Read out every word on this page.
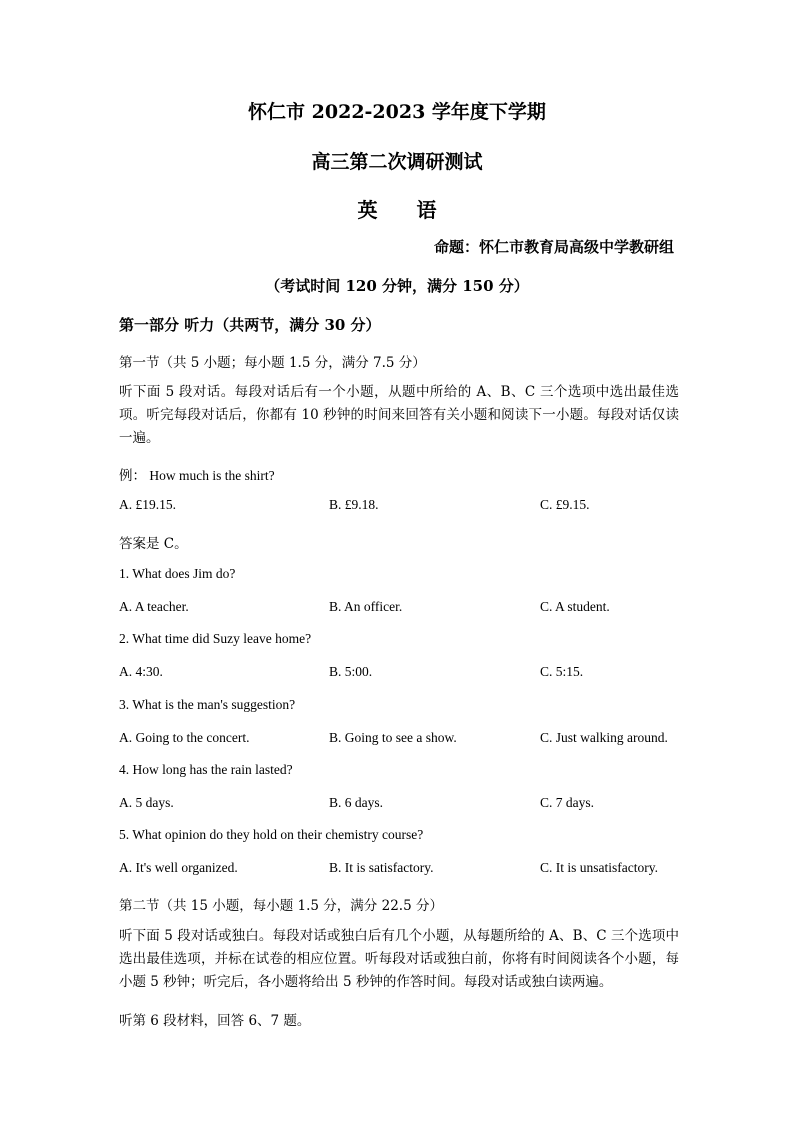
怀仁市 2022-2023 学年度下学期
高三第二次调研测试
英 语
命题：怀仁市教育局高级中学教研组
（考试时间 120 分钟，满分 150 分）
第一部分 听力（共两节，满分 30 分）
第一节（共 5 小题；每小题 1.5 分，满分 7.5 分）
听下面 5 段对话。每段对话后有一个小题，从题中所给的 A、B、C 三个选项中选出最佳选项。听完每段对话后，你都有 10 秒钟的时间来回答有关小题和阅读下一小题。每段对话仅读一遍。
例： How much is the shirt?
A. £19.15.	B. £9.18.	C. £9.15.
答案是 C。
1. What does Jim do?
A. A teacher.	B. An officer.	C. A student.
2. What time did Suzy leave home?
A. 4:30.	B. 5:00.	C. 5:15.
3. What is the man's suggestion?
A. Going to the concert.	B. Going to see a show.	C. Just walking around.
4. How long has the rain lasted?
A. 5 days.	B. 6 days.	C. 7 days.
5. What opinion do they hold on their chemistry course?
A. It's well organized.	B. It is satisfactory.	C. It is unsatisfactory.
第二节（共 15 小题，每小题 1.5 分，满分 22.5 分）
听下面 5 段对话或独白。每段对话或独白后有几个小题，从每题所给的 A、B、C 三个选项中选出最佳选项，并标在试卷的相应位置。听每段对话或独白前，你将有时间阅读各个小题，每小题 5 秒钟；听完后，各小题将给出 5 秒钟的作答时间。每段对话或独白读两遍。
听第 6 段材料，回答 6、7 题。
